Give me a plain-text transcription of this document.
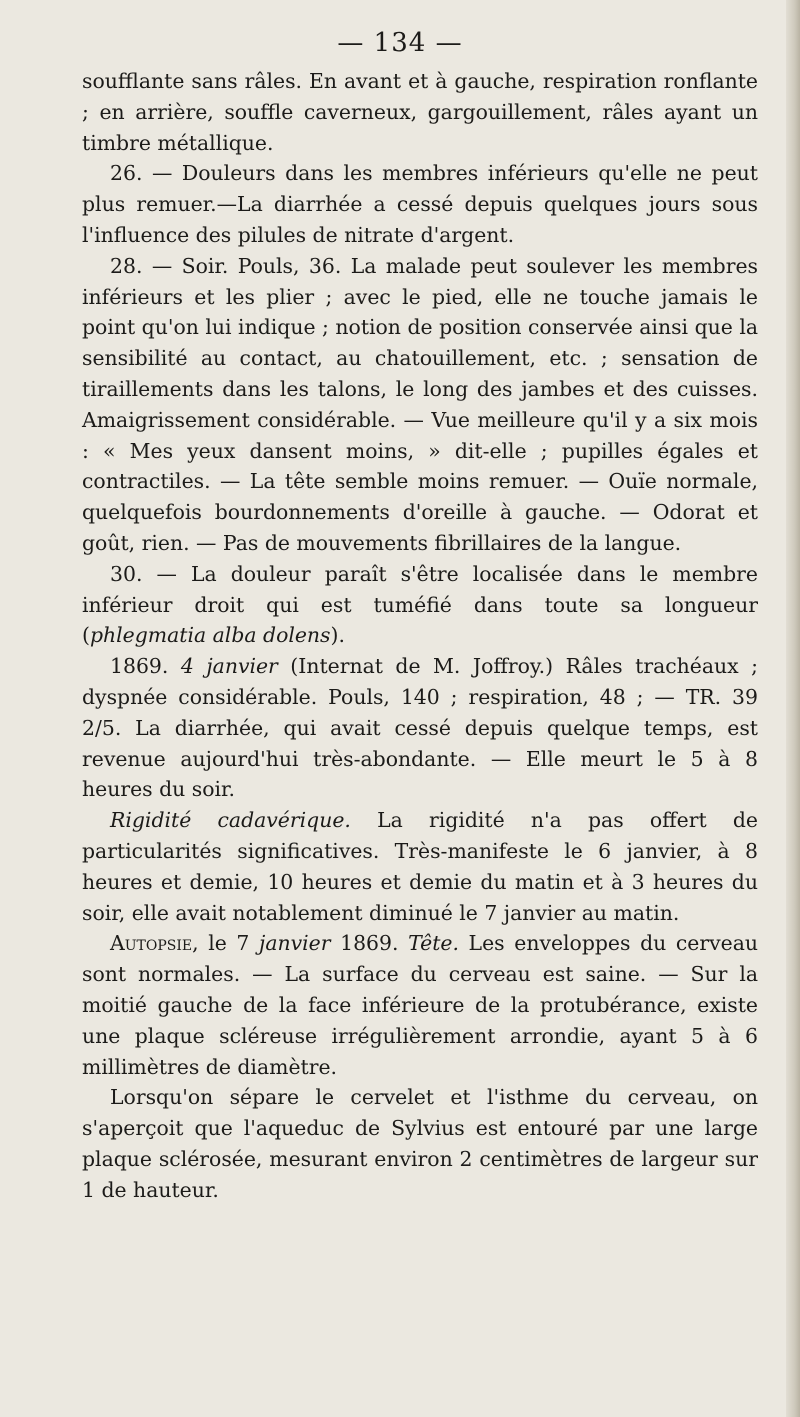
— 134 —

soufflante sans râles. En avant et à gauche, respiration ronflante ; en arrière, souffle caverneux, gargouillement, râles ayant un timbre métallique.

26. — Douleurs dans les membres inférieurs qu'elle ne peut plus remuer.—La diarrhée a cessé depuis quelques jours sous l'influence des pilules de nitrate d'argent.

28. — Soir. Pouls, 36. La malade peut soulever les membres inférieurs et les plier ; avec le pied, elle ne touche jamais le point qu'on lui indique ; notion de position conservée ainsi que la sensibilité au contact, au chatouillement, etc. ; sensation de tiraillements dans les talons, le long des jambes et des cuisses. Amaigrissement considérable. — Vue meilleure qu'il y a six mois : « Mes yeux dansent moins, » dit-elle ; pupilles égales et contractiles. — La tête semble moins remuer. — Ouïe normale, quelquefois bourdonnements d'oreille à gauche. — Odorat et goût, rien. — Pas de mouvements fibrillaires de la langue.

30. — La douleur paraît s'être localisée dans le membre inférieur droit qui est tuméfié dans toute sa longueur (phlegmatia alba dolens).

1869. 4 janvier (Internat de M. Joffroy.) Râles trachéaux ; dyspnée considérable. Pouls, 140 ; respiration, 48 ; — TR. 39 2/5. La diarrhée, qui avait cessé depuis quelque temps, est revenue aujourd'hui très-abondante. — Elle meurt le 5 à 8 heures du soir.

Rigidité cadavérique. La rigidité n'a pas offert de particularités significatives. Très-manifeste le 6 janvier, à 8 heures et demie, 10 heures et demie du matin et à 3 heures du soir, elle avait notablement diminué le 7 janvier au matin.

Autopsie, le 7 janvier 1869. Tête. Les enveloppes du cerveau sont normales. — La surface du cerveau est saine. — Sur la moitié gauche de la face inférieure de la protubérance, existe une plaque scléreuse irrégulièrement arrondie, ayant 5 à 6 millimètres de diamètre.

Lorsqu'on sépare le cervelet et l'isthme du cerveau, on s'aperçoit que l'aqueduc de Sylvius est entouré par une large plaque sclérosée, mesurant environ 2 centimètres de largeur sur 1 de hauteur.
